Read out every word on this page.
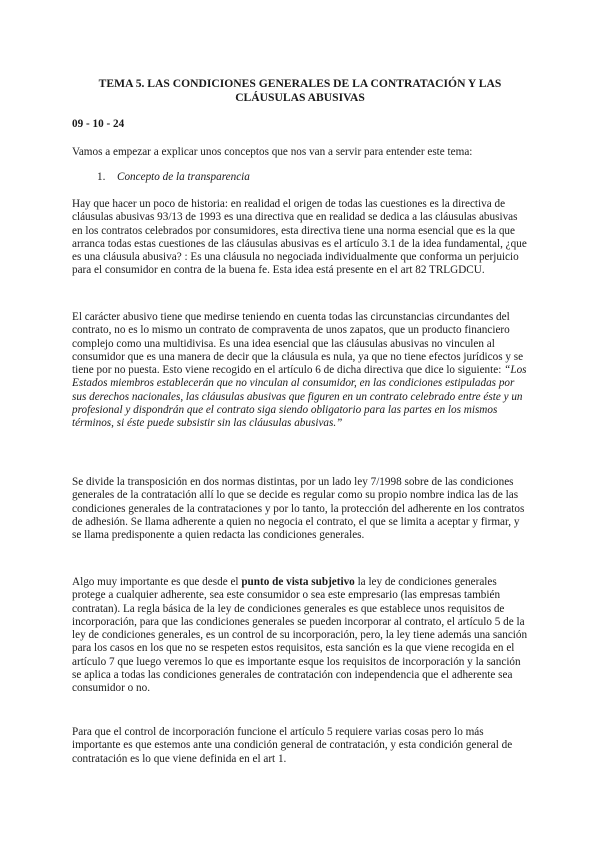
TEMA 5. LAS CONDICIONES GENERALES DE LA CONTRATACIÓN Y LAS
CLÁUSULAS ABUSIVAS

09 - 10 - 24

Vamos a empezar a explicar unos conceptos que nos van a servir para entender este tema:

1. Concepto de la transparencia

Hay que hacer un poco de historia: en realidad el origen de todas las cuestiones es la directiva de cláusulas abusivas 93/13 de 1993 es una directiva que en realidad se dedica a las cláusulas abusivas en los contratos celebrados por consumidores, esta directiva tiene una norma esencial que es la que arranca todas estas cuestiones de las cláusulas abusivas es el artículo 3.1 de la idea fundamental, ¿que es una cláusula abusiva? : Es una cláusula no negociada individualmente que conforma un perjuicio para el consumidor en contra de la buena fe. Esta idea está presente en el art 82 TRLGDCU.

El carácter abusivo tiene que medirse teniendo en cuenta todas las circunstancias circundantes del contrato, no es lo mismo un contrato de compraventa de unos zapatos, que un producto financiero complejo como una multidivisa. Es una idea esencial que las cláusulas abusivas no vinculen al consumidor que es una manera de decir que la cláusula es nula, ya que no tiene efectos jurídicos y se tiene por no puesta. Esto viene recogido en el artículo 6 de dicha directiva que dice lo siguiente: “Los Estados miembros establecerán que no vinculan al consumidor, en las condiciones estipuladas por sus derechos nacionales, las cláusulas abusivas que figuren en un contrato celebrado entre éste y un profesional y dispondrán que el contrato siga siendo obligatorio para las partes en los mismos términos, si éste puede subsistir sin las cláusulas abusivas.”

Se divide la transposición en dos normas distintas, por un lado ley 7/1998 sobre de las condiciones generales de la contratación allí lo que se decide es regular como su propio nombre indica las de las condiciones generales de la contrataciones y por lo tanto, la protección del adherente en los contratos de adhesión. Se llama adherente a quien no negocia el contrato, el que se limita a aceptar y firmar, y se llama predisponente a quien redacta las condiciones generales.

Algo muy importante es que desde el punto de vista subjetivo la ley de condiciones generales protege a cualquier adherente, sea este consumidor o sea este empresario (las empresas también contratan). La regla básica de la ley de condiciones generales es que establece unos requisitos de incorporación, para que las condiciones generales se pueden incorporar al contrato, el artículo 5 de la ley de condiciones generales, es un control de su incorporación, pero, la ley tiene además una sanción para los casos en los que no se respeten estos requisitos, esta sanción es la que viene recogida en el artículo 7 que luego veremos lo que es importante esque los requisitos de incorporación y la sanción se aplica a todas las condiciones generales de contratación con independencia que el adherente sea consumidor o no.

Para que el control de incorporación funcione el artículo 5 requiere varias cosas pero lo más importante es que estemos ante una condición general de contratación, y esta condición general de contratación es lo que viene definida en el art 1.
